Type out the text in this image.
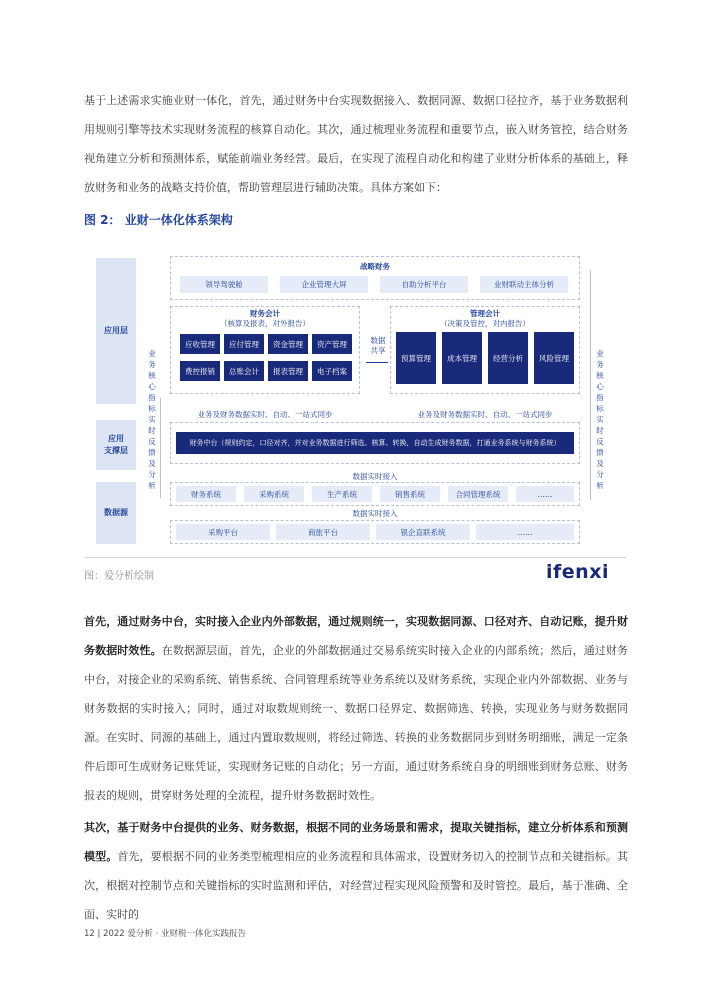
基于上述需求实施业财一体化，首先，通过财务中台实现数据接入、数据同源、数据口径拉齐，基于业务数据利用规则引擎等技术实现财务流程的核算自动化。其次，通过梳理业务流程和重要节点，嵌入财务管控，结合财务视角建立分析和预测体系，赋能前端业务经营。最后，在实现了流程自动化和构建了业财分析体系的基础上，释放财务和业务的战略支持价值，帮助管理层进行辅助决策。具体方案如下：

图 2： 业财一体化体系架构
应用层
应用
支撑层
数据源
业务核心指标实时反馈及分析
业务核心指标实时反馈及分析
战略财务
领导驾驶舱	企业管理大屏	自助分析平台	业财联动主体分析
财务会计
（核算及报表，对外报告）
应收管理	应付管理	资金管理	资产管理
费控报销	总账会计	报表管理	电子档案
数据
共享
管理会计
（决策及管控，对内报告）
预算管理	成本管理	经营分析	风险管理
业务及财务数据实时、自动、一站式同步	业务及财务数据实时、自动、一站式同步
财务中台（规则约定，口径对齐，并对业务数据进行筛选、核算、转换，自动生成财务数据，打通业务系统与财务系统）
数据实时接入
财务系统	采购系统	生产系统	销售系统	合同管理系统	……
数据实时接入
采购平台	商旅平台	银企直联系统	……
图：爱分析绘制	ifenxi

首先，通过财务中台，实时接入企业内外部数据，通过规则统一，实现数据同源、口径对齐、自动记账，提升财务数据时效性。在数据源层面，首先，企业的外部数据通过交易系统实时接入企业的内部系统；然后，通过财务中台，对接企业的采购系统、销售系统、合同管理系统等业务系统以及财务系统，实现企业内外部数据、业务与财务数据的实时接入；同时，通过对取数规则统一、数据口径界定、数据筛选、转换，实现业务与财务数据同源。在实时、同源的基础上，通过内置取数规则，将经过筛选、转换的业务数据同步到财务明细账，满足一定条件后即可生成财务记账凭证，实现财务记账的自动化；另一方面，通过财务系统自身的明细账到财务总账、财务报表的规则，贯穿财务处理的全流程，提升财务数据时效性。

其次，基于财务中台提供的业务、财务数据，根据不同的业务场景和需求，提取关键指标，建立分析体系和预测模型。首先，要根据不同的业务类型梳理相应的业务流程和具体需求，设置财务切入的控制节点和关键指标。其次，根据对控制节点和关键指标的实时监测和评估，对经营过程实现风险预警和及时管控。最后，基于准确、全面、实时的

12 | 2022 爱分析 · 业财税一体化实践报告
